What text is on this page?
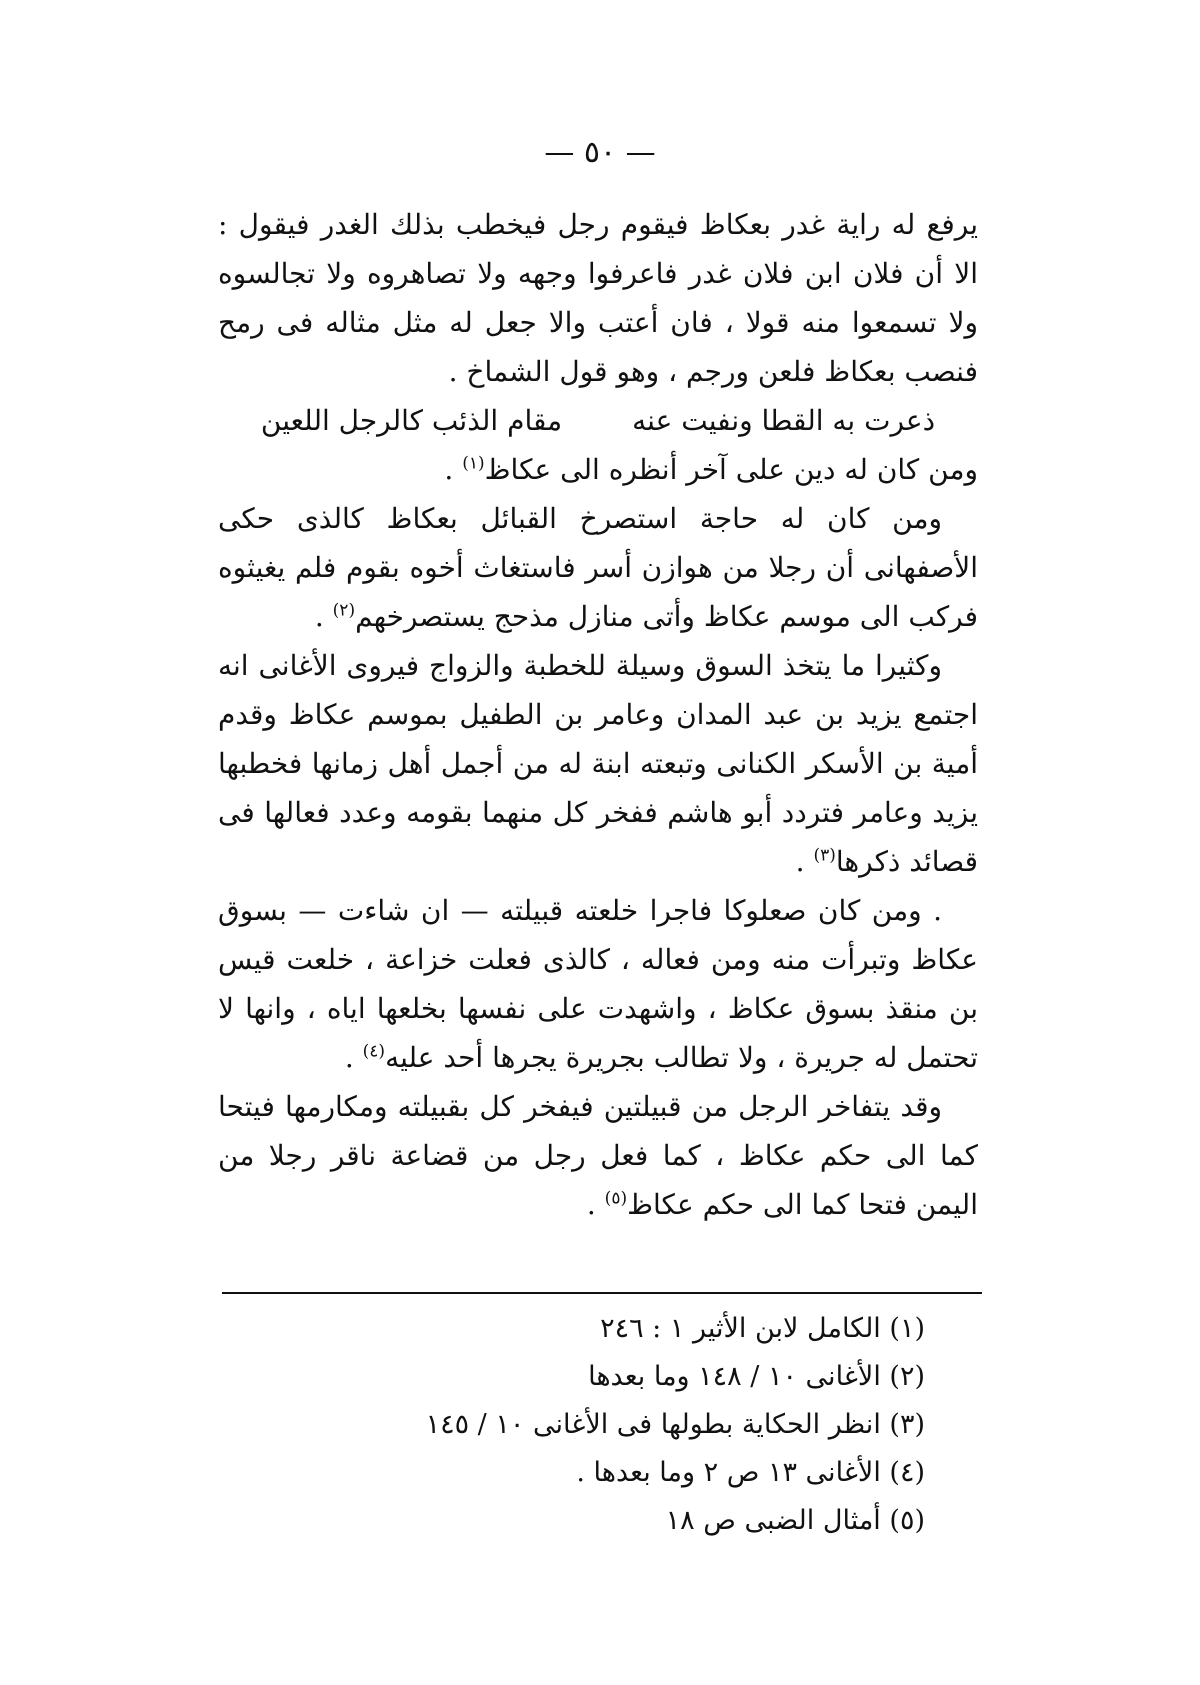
— ٥٠ —

يرفع له راية غدر بعكاظ فيقوم رجل فيخطب بذلك الغدر فيقول : الا أن فلان ابن فلان غدر فاعرفوا وجهه ولا تصاهروه ولا تجالسوه ولا تسمعوا منه قولا ، فان أعتب والا جعل له مثل مثاله فى رمح فنصب بعكاظ فلعن ورجم ، وهو قول الشماخ .

ذعرت به القطا ونفيت عنه
مقام الذئب كالرجل اللعين

ومن كان له دين على آخر أنظره الى عكاظ$^{(١)}$ .

ومن كان له حاجة استصرخ القبائل بعكاظ كالذى حكى الأصفهانى أن رجلا من هوازن أسر فاستغاث أخوه بقوم فلم يغيثوه فركب الى موسم عكاظ وأتى منازل مذحج يستصرخهم$^{(٢)}$ .

وكثيرا ما يتخذ السوق وسيلة للخطبة والزواج فيروى الأغانى انه اجتمع يزيد بن عبد المدان وعامر بن الطفيل بموسم عكاظ وقدم أمية بن الأسكر الكنانى وتبعته ابنة له من أجمل أهل زمانها فخطبها يزيد وعامر فتردد أبو هاشم ففخر كل منهما بقومه وعدد فعالها فى قصائد ذكرها$^{(٣)}$ .

. ومن كان صعلوكا فاجرا خلعته قبيلته — ان شاءت — بسوق عكاظ وتبرأت منه ومن فعاله ، كالذى فعلت خزاعة ، خلعت قيس بن منقذ بسوق عكاظ ، واشهدت على نفسها بخلعها اياه ، وانها لا تحتمل له جريرة ، ولا تطالب بجريرة يجرها أحد عليه$^{(٤)}$ .

وقد يتفاخر الرجل من قبيلتين فيفخر كل بقبيلته ومكارمها فيتحا كما الى حكم عكاظ ، كما فعل رجل من قضاعة ناقر رجلا من اليمن فتحا كما الى حكم عكاظ$^{(٥)}$ .

(١) الكامل لابن الأثير ١ : ٢٤٦
(٢) الأغانى ١٠ / ١٤٨ وما بعدها
(٣) انظر الحكاية بطولها فى الأغانى ١٠ / ١٤٥
(٤) الأغانى ١٣ ص ٢ وما بعدها .
(٥) أمثال الضبى ص ١٨
